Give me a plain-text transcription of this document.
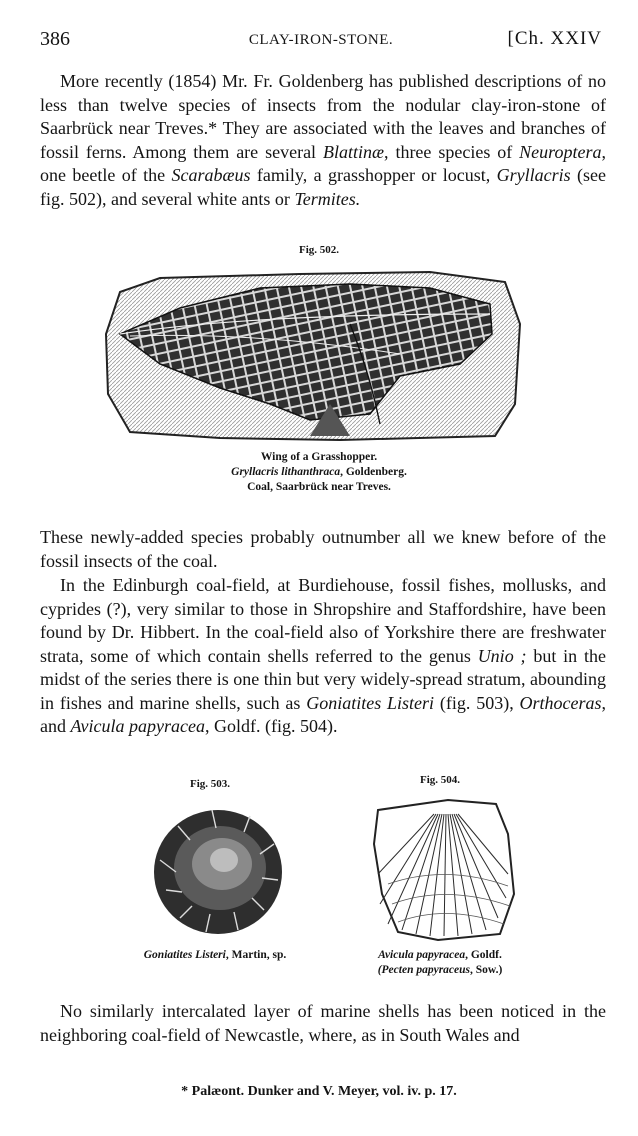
386	CLAY-IRON-STONE.	[Ch. XXIV

More recently (1854) Mr. Fr. Goldenberg has published descriptions of no less than twelve species of insects from the nodular clay-iron-stone of Saarbrück near Treves.* They are associated with the leaves and branches of fossil ferns. Among them are several Blattinæ, three species of Neuroptera, one beetle of the Scarabæus family, a grasshopper or locust, Gryllacris (see fig. 502), and several white ants or Termites.

Fig. 502.
Wing of a Grasshopper.
Gryllacris lithanthraca, Goldenberg.
Coal, Saarbrück near Treves.

These newly-added species probably outnumber all we knew before of the fossil insects of the coal.

In the Edinburgh coal-field, at Burdiehouse, fossil fishes, mollusks, and cyprides (?), very similar to those in Shropshire and Staffordshire, have been found by Dr. Hibbert. In the coal-field also of Yorkshire there are freshwater strata, some of which contain shells referred to the genus Unio ; but in the midst of the series there is one thin but very widely-spread stratum, abounding in fishes and marine shells, such as Goniatites Listeri (fig. 503), Orthoceras, and Avicula papyracea, Goldf. (fig. 504).

Fig. 503.
Goniatites Listeri, Martin, sp.
Fig. 504.
Avicula papyracea, Goldf.
(Pecten papyraceus, Sow.)

No similarly intercalated layer of marine shells has been noticed in the neighboring coal-field of Newcastle, where, as in South Wales and

* Palæont. Dunker and V. Meyer, vol. iv. p. 17.
